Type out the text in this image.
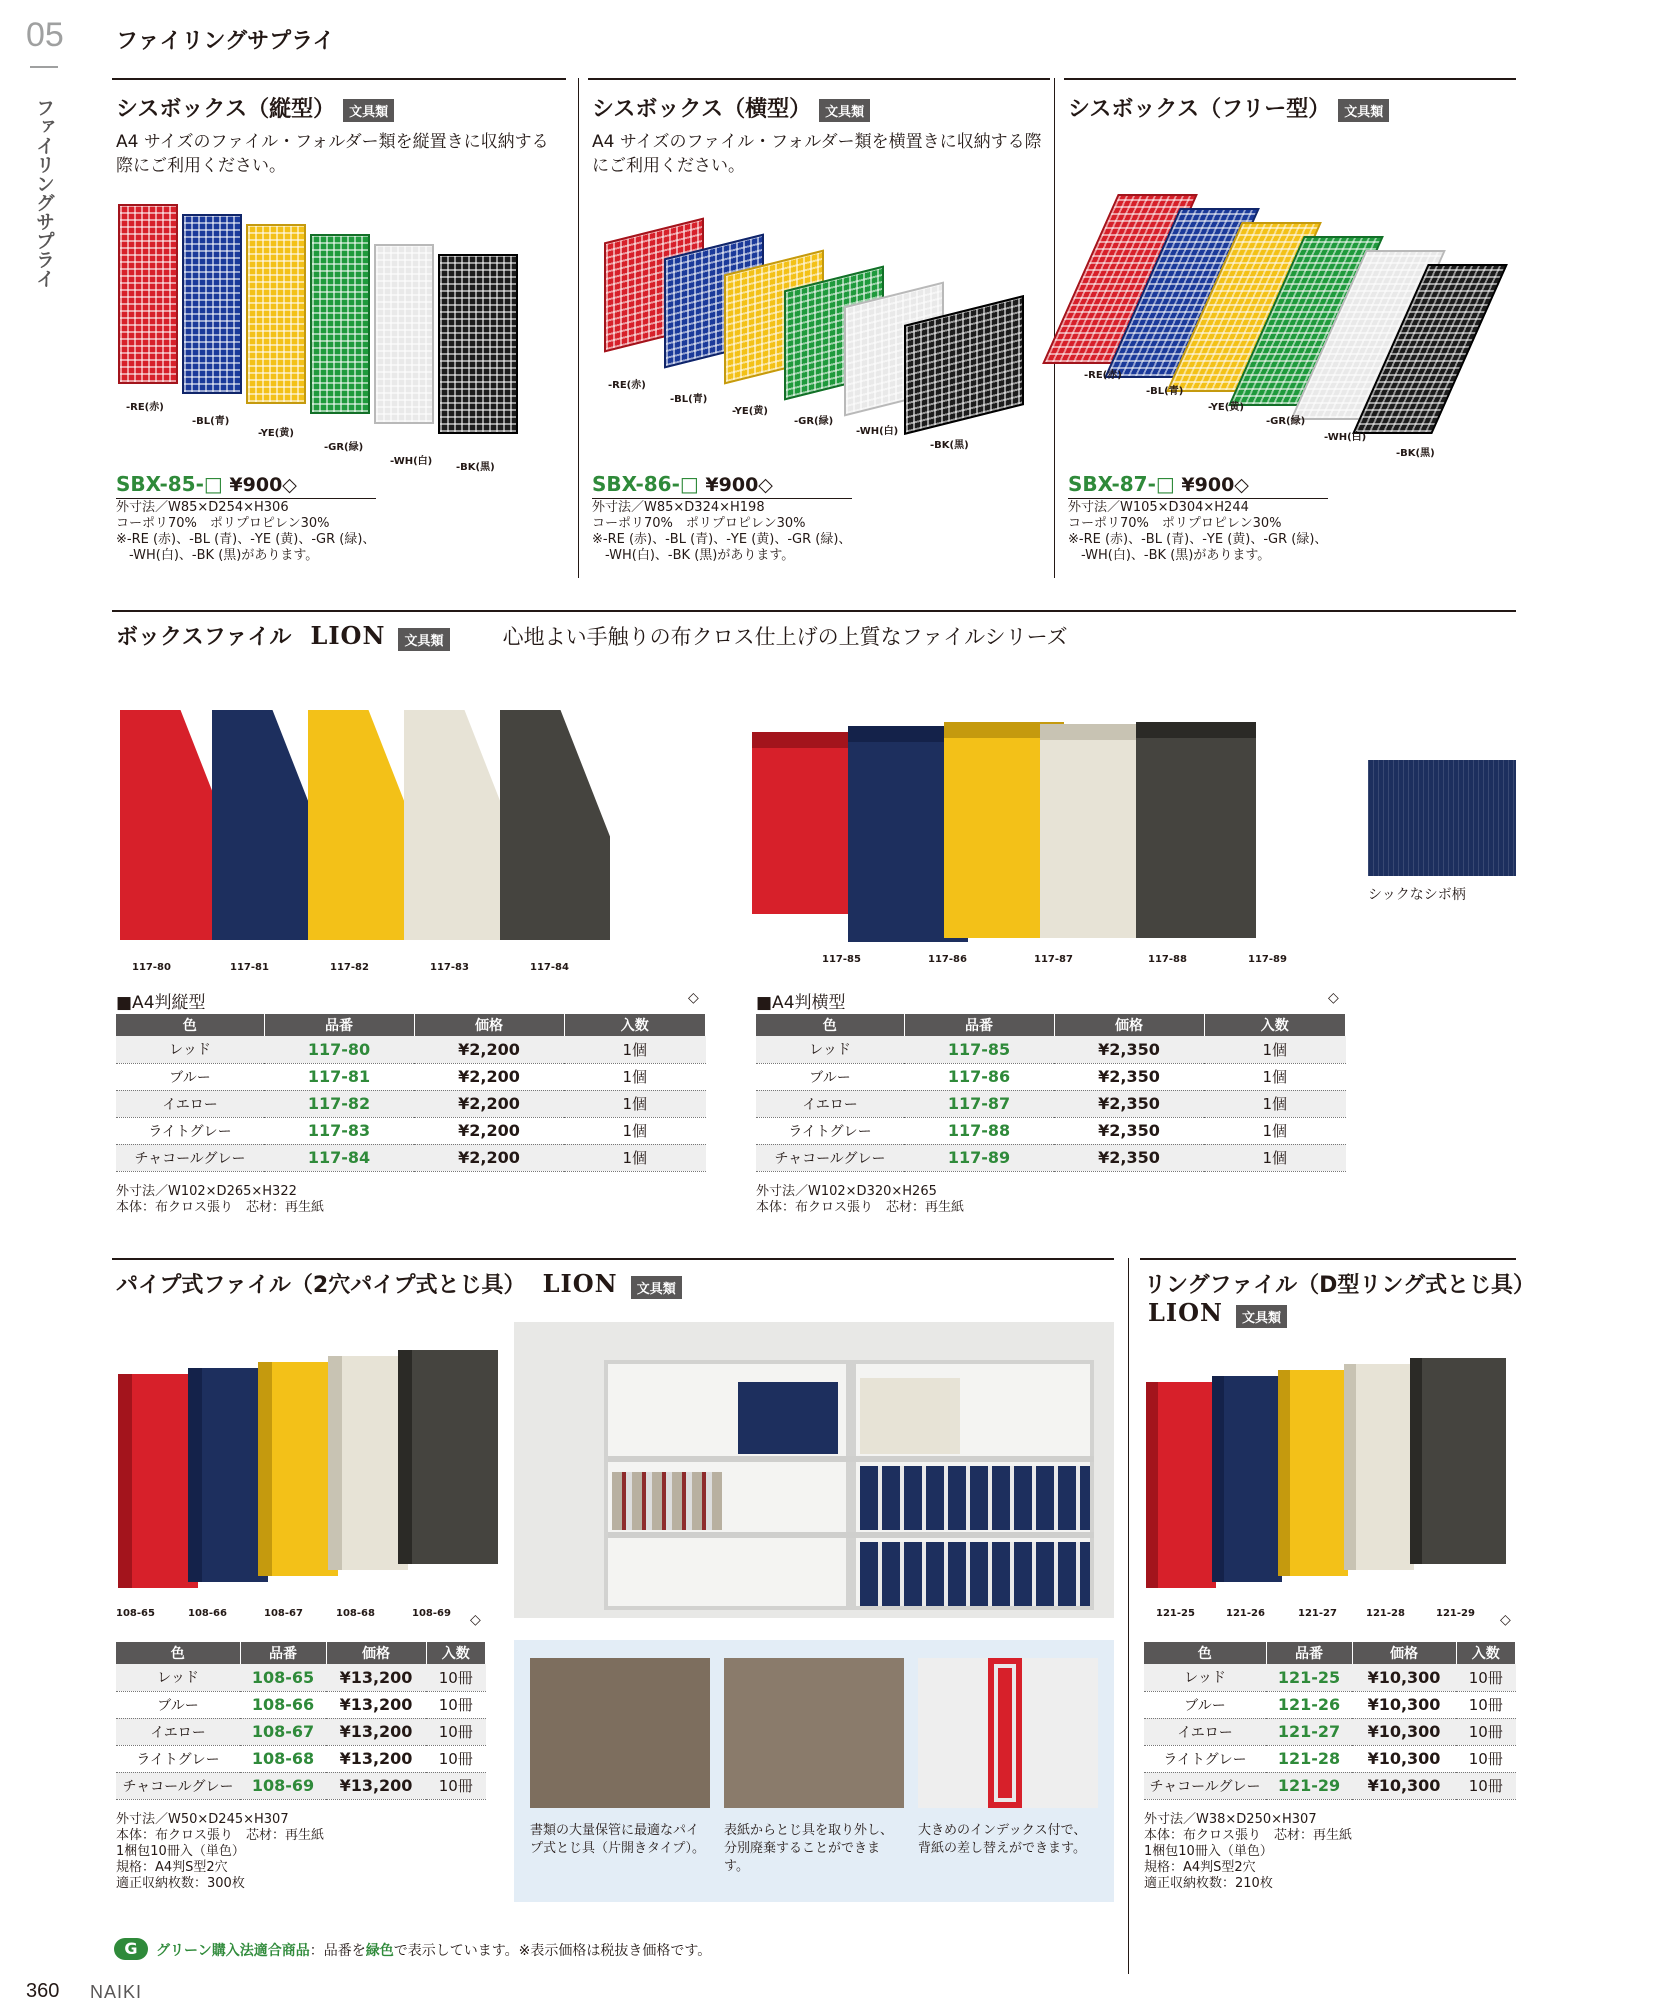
05 ファイリングサプライ
ファイリングサプライ	シスボックス（縦型） 文具類
A4 サイズのファイル・フォルダー類を縦置きに収納する際にご利用ください。
-RE(赤)
-BL(青)
-YE(黄)
-GR(緑)
-WH(白)
-BK(黒)
SBX-85-□ ¥900◇
外寸法／W85×D254×H306
コーポリ70%　ポリプロピレン30%
※-RE (赤)、-BL (青)、-YE (黄)、-GR (緑)、
　-WH(白)、-BK (黒)があります。
シスボックス（横型） 文具類
A4 サイズのファイル・フォルダー類を横置きに収納する際にご利用ください。
-RE(赤)
-BL(青)
-YE(黄)
-GR(緑)
-WH(白)
-BK(黒)
SBX-86-□ ¥900◇
外寸法／W85×D324×H198
コーポリ70%　ポリプロピレン30%
※-RE (赤)、-BL (青)、-YE (黄)、-GR (緑)、
　-WH(白)、-BK (黒)があります。
シスボックス（フリー型） 文具類
-RE(赤)
-BL(青)
-YE(黄)
-GR(緑)
-WH(白)
-BK(黒)
SBX-87-□ ¥900◇
外寸法／W105×D304×H244
コーポリ70%　ポリプロピレン30%
※-RE (赤)、-BL (青)、-YE (黄)、-GR (緑)、
　-WH(白)、-BK (黒)があります。
ボックスファイル LION 文具類	心地よい手触りの布クロス仕上げの上質なファイルシリーズ
117-80	117-81	117-82	117-83	117-84
117-85	117-86	117-87	117-88	117-89
シックなシボ柄
■A4判縦型	◇
色	品番	価格	入数
レッド	117-80	¥2,200	1個
ブルー	117-81	¥2,200	1個
イエロー	117-82	¥2,200	1個
ライトグレー	117-83	¥2,200	1個
チャコールグレー	117-84	¥2,200	1個
外寸法／W102×D265×H322
本体：布クロス張り　芯材：再生紙
■A4判横型	◇
色	品番	価格	入数
レッド	117-85	¥2,350	1個
ブルー	117-86	¥2,350	1個
イエロー	117-87	¥2,350	1個
ライトグレー	117-88	¥2,350	1個
チャコールグレー	117-89	¥2,350	1個
外寸法／W102×D320×H265
本体：布クロス張り　芯材：再生紙
パイプ式ファイル（2穴パイプ式とじ具） LION 文具類
108-65	108-66	108-67	108-68	108-69 ◇
色	品番	価格	入数
レッド	108-65	¥13,200	10冊
ブルー	108-66	¥13,200	10冊
イエロー	108-67	¥13,200	10冊
ライトグレー	108-68	¥13,200	10冊
チャコールグレー	108-69	¥13,200	10冊
外寸法／W50×D245×H307
本体：布クロス張り　芯材：再生紙
1梱包10冊入（単色）
規格：A4判S型2穴
適正収納枚数：300枚
書類の大量保管に最適なパイプ式とじ具（片開きタイプ）。
表紙からとじ具を取り外し、分別廃棄することができます。
大きめのインデックス付で、背紙の差し替えができます。
リングファイル（D型リング式とじ具）
LION 文具類
121-25	121-26	121-27	121-28	121-29 ◇
色	品番	価格	入数
レッド	121-25	¥10,300	10冊
ブルー	121-26	¥10,300	10冊
イエロー	121-27	¥10,300	10冊
ライトグレー	121-28	¥10,300	10冊
チャコールグレー	121-29	¥10,300	10冊
外寸法／W38×D250×H307
本体：布クロス張り　芯材：再生紙
1梱包10冊入（単色）
規格：A4判S型2穴
適正収納枚数：210枚
G	グリーン購入法適合商品：品番を緑色で表示しています。※表示価格は税抜き価格です。
360 NAIKI
